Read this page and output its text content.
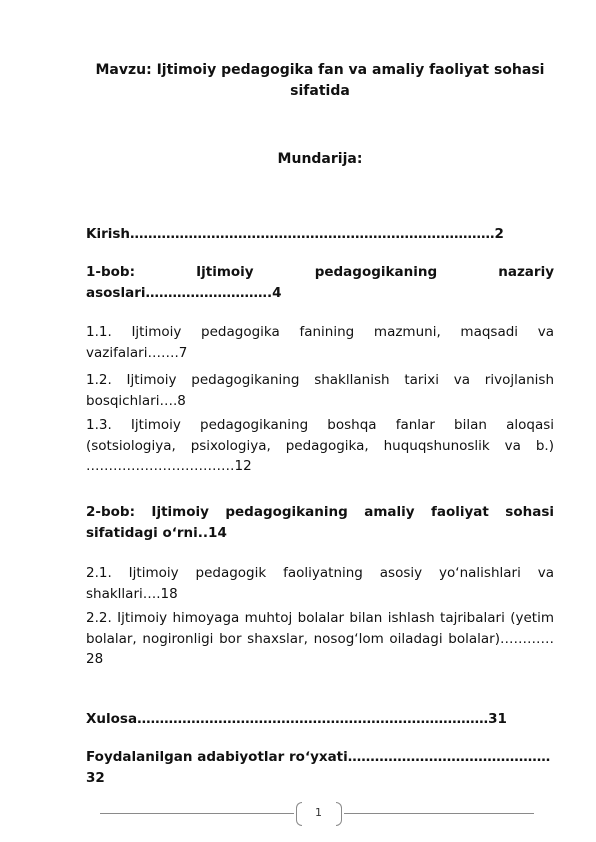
Mavzu: Ijtimoiy pedagogika fan va amaliy faoliyat sohasi sifatida
Mundarija:
Kirish………………………………………………………………………2
1-bob: Ijtimoiy pedagogikaning nazariy asoslari……………………….4
1.1. Ijtimoiy pedagogika fanining mazmuni, maqsadi va vazifalari…….7
1.2. Ijtimoiy pedagogikaning shakllanish tarixi va rivojlanish bosqichlari….8
1.3. Ijtimoiy pedagogikaning boshqa fanlar bilan aloqasi (sotsiologiya, psixologiya, pedagogika, huquqshunoslik va b.) ……………………………12
2-bob: Ijtimoiy pedagogikaning amaliy faoliyat sohasi sifatidagi oʻrni..14
2.1. Ijtimoiy pedagogik faoliyatning asosiy yoʻnalishlari va shakllari….18
2.2. Ijtimoiy himoyaga muhtoj bolalar bilan ishlash tajribalari (yetim bolalar, nogironligi bor shaxslar, nosogʻlom oiladagi bolalar)…………28
Xulosa……………………………………………………………………31
Foydalanilgan adabiyotlar roʻyxati………………………………………32
1
